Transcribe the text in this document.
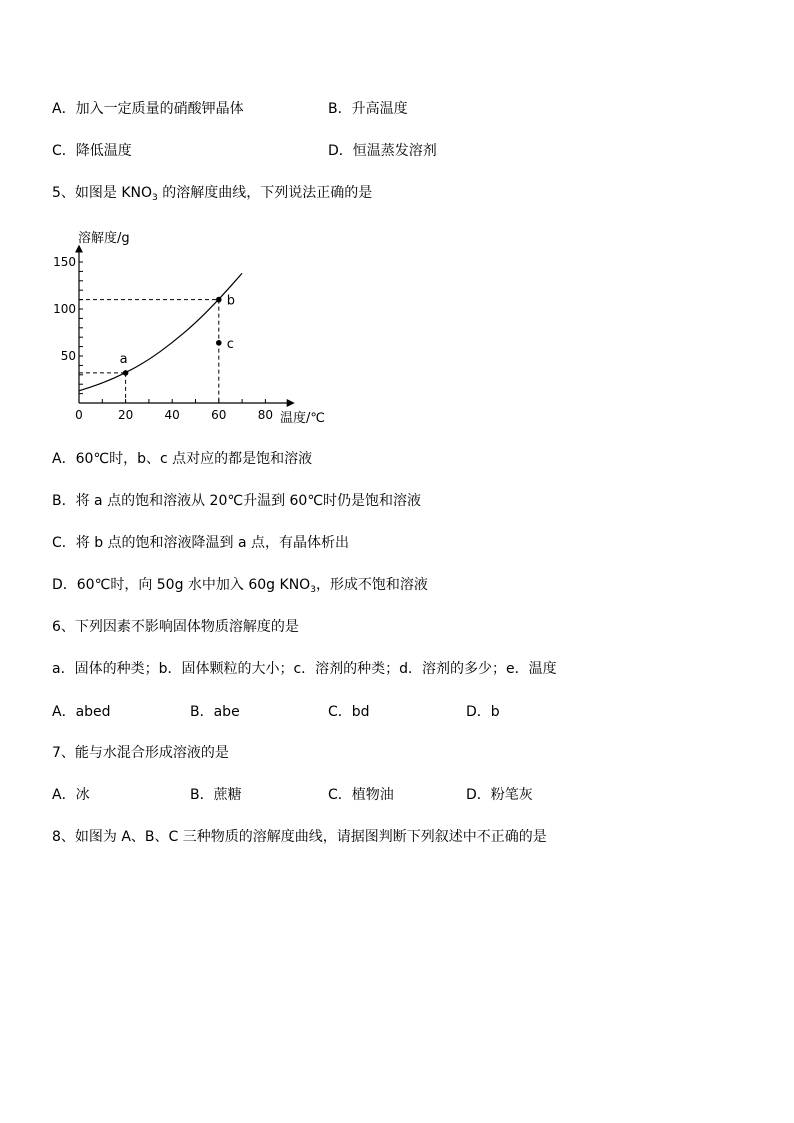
A．加入一定质量的硝酸钾晶体	B．升高温度
C．降低温度	D．恒温蒸发溶剂
5、如图是 $KNO_3$ 的溶解度曲线，下列说法正确的是
a
b
c
0	20	40	60	80
50
100
150
溶解度/g
温度/℃
A．60℃时，b、c 点对应的都是饱和溶液
B．将 a 点的饱和溶液从 20℃升温到 60℃时仍是饱和溶液
C．将 b 点的饱和溶液降温到 a 点，有晶体析出
D．60℃时，向 50g 水中加入 60g $KNO_3$，形成不饱和溶液
6、下列因素不影响固体物质溶解度的是
a．固体的种类；b．固体颗粒的大小；c．溶剂的种类；d．溶剂的多少；e．温度
A．abed	B．abe	C．bd	D．b
7、能与水混合形成溶液的是
A．冰	B．蔗糖	C．植物油	D．粉笔灰
8、如图为 A、B、C 三种物质的溶解度曲线，请据图判断下列叙述中不正确的是
